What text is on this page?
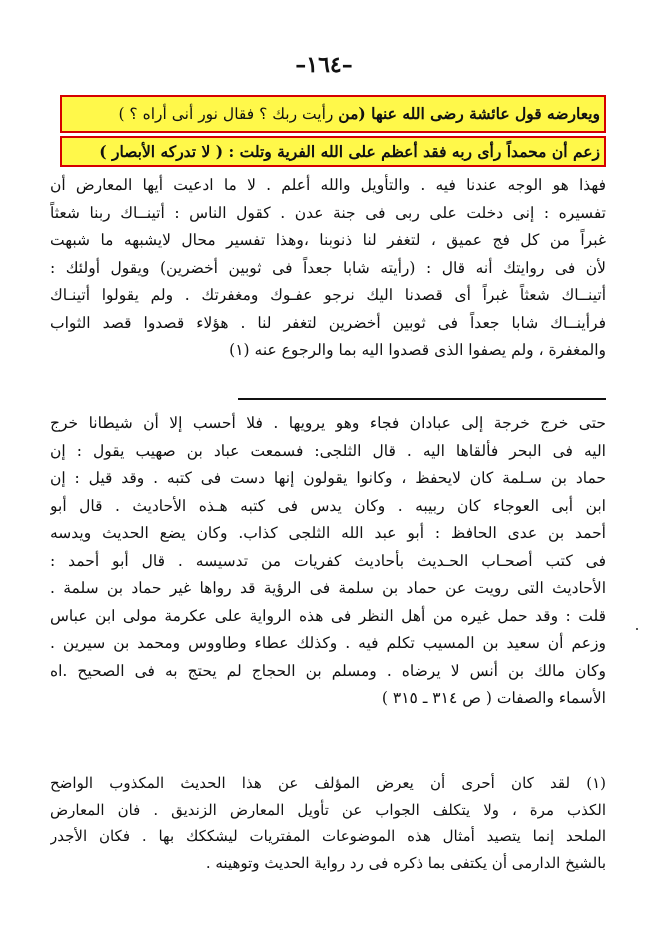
–١٦٤–
ويعارضه قول عائشة رضى الله عنها (من رأيت ربك ؟ فقال نور أنى أراه ؟ )
زعم أن محمداً رأى ربه فقد أعظم على الله الفرية وتلت : ( لا تدركه الأبصار )
فهذا هو الوجه عندنا فيه . والتأويل والله أعلم . لا ما ادعيت أيها المعارض أن
تفسيره : إنى دخلت على ربى فى جنة عدن . كقول الناس : أتينــاك ربنا شعثاً
غبراً من كل فج عميق ، لتغفر لنا ذنوبنا ،وهذا تفسير محال لايشبهه ما شبهت
لأن فى روايتك أنه قال : (رأيته شابا جعداً فى ثوبين أخضرين) ويقول أولئك :
أتينــاك شعثاً غبراً أى قصدنا اليك نرجو عفـوك ومغفرتك . ولم يقولوا أتينـاك
فرأينــاك شابا جعداً فى ثوبين أخضرين لتغفر لنا . هؤلاء قصدوا قصد الثواب
والمغفرة ، ولم يصفوا الذى قصدوا اليه بما والرجوع عنه (١)
حتى خرج خرجة إلى عبادان فجاء وهو يرويها . فلا أحسب إلا أن شيطانا خرج
اليه فى البحر فألقاها اليه . قال الثلجى: فسمعت عباد بن صهيب يقول : إن
حماد بن سـلمة كان لايحفظ ، وكانوا يقولون إنها دست فى كتبه . وقد قيل : إن
ابن أبى العوجاء كان ربيبه . وكان يدس فى كتبه هـذه الأحاديث . قال أبو
أحمد بن عدى الحافظ : أبو عبد الله الثلجى كذاب. وكان يضع الحديث ويدسه
فى كتب أصحـاب الحـديث بأحاديث كفريات من تدسيسه . قال أبو أحمد :
الأحاديث التى رويت عن حماد بن سلمة فى الرؤية قد رواها غير حماد بن سلمة .
قلت : وقد حمل غيره من أهل النظر فى هذه الرواية على عكرمة مولى ابن عباس
وزعم أن سعيد بن المسيب تكلم فيه . وكذلك عطاء وطاووس ومحمد بن سيرين .
وكان مالك بن أنس لا يرضاه . ومسلم بن الحجاج لم يحتج به فى الصحيح .اه
الأسماء والصفات ( ص ٣١٤ ـ ٣١٥ )
(١) لقد كان أحرى أن يعرض المؤلف عن هذا الحديث المكذوب الواضح
الكذب مرة ، ولا يتكلف الجواب عن تأويل المعارض الزنديق . فان المعارض
الملحد إنما يتصيد أمثال هذه الموضوعات المفتريات ليشككك بها . فكان الأجدر
بالشيخ الدارمى أن يكتفى بما ذكره فى رد رواية الحديث وتوهينه .
